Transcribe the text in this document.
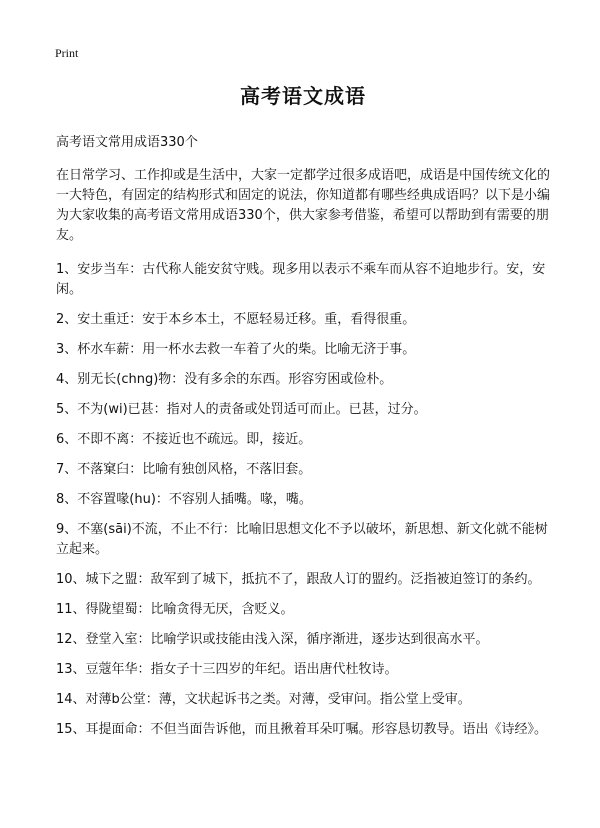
Print
高考语文成语
高考语文常用成语330个
在日常学习、工作抑或是生活中，大家一定都学过很多成语吧，成语是中国传统文化的一大特色，有固定的结构形式和固定的说法，你知道都有哪些经典成语吗？以下是小编为大家收集的高考语文常用成语330个，供大家参考借鉴，希望可以帮助到有需要的朋友。
1、安步当车：古代称人能安贫守贱。现多用以表示不乘车而从容不迫地步行。安，安闲。
2、安土重迁：安于本乡本土，不愿轻易迁移。重，看得很重。
3、杯水车薪：用一杯水去救一车着了火的柴。比喻无济于事。
4、别无长(chng)物：没有多余的东西。形容穷困或俭朴。
5、不为(wi)已甚：指对人的责备或处罚适可而止。已甚，过分。
6、不即不离：不接近也不疏远。即，接近。
7、不落窠臼：比喻有独创风格，不落旧套。
8、不容置喙(hu)：不容别人插嘴。喙，嘴。
9、不塞(sāi)不流，不止不行：比喻旧思想文化不予以破坏，新思想、新文化就不能树立起来。
10、城下之盟：敌军到了城下，抵抗不了，跟敌人订的盟约。泛指被迫签订的条约。
11、得陇望蜀：比喻贪得无厌，含贬义。
12、登堂入室：比喻学识或技能由浅入深，循序渐进，逐步达到很高水平。
13、豆蔻年华：指女子十三四岁的年纪。语出唐代杜牧诗。
14、对薄b公堂：薄，文状起诉书之类。对薄，受审问。指公堂上受审。
15、耳提面命：不但当面告诉他，而且揪着耳朵叮嘱。形容恳切教导。语出《诗经》。
